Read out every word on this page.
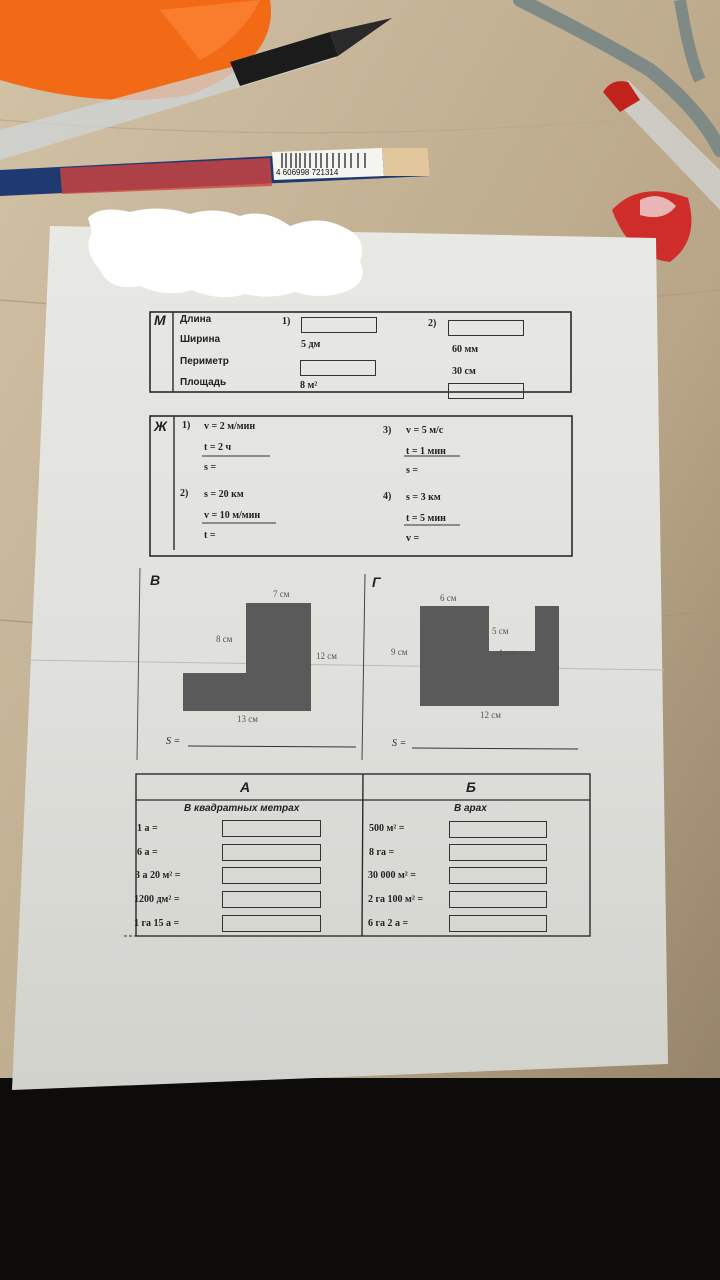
4 606998 721314
М Длина
Ширина
Периметр
Площадь
1)
5 дм
8 м²
2)
60 мм
30 см
Ж 1) v = 2 м/мин
t = 2 ч
s =
2) s = 20 км
v = 10 м/мин
t =
3) v = 5 м/с
t = 1 мин
s =
4) s = 3 км
t = 5 мин
v =
В
7 см
8 см
12 см
13 см
S =
Г
6 см
9 см
5 см
4 см
12 см
S =
А	Б
В квадратных метрах	В арах
1 а =
6 а =
3 а 20 м² =
1200 дм² =
1 га 15 а =
500 м² =
8 га =
30 000 м² =
2 га 100 м² =
6 га 2 а =
